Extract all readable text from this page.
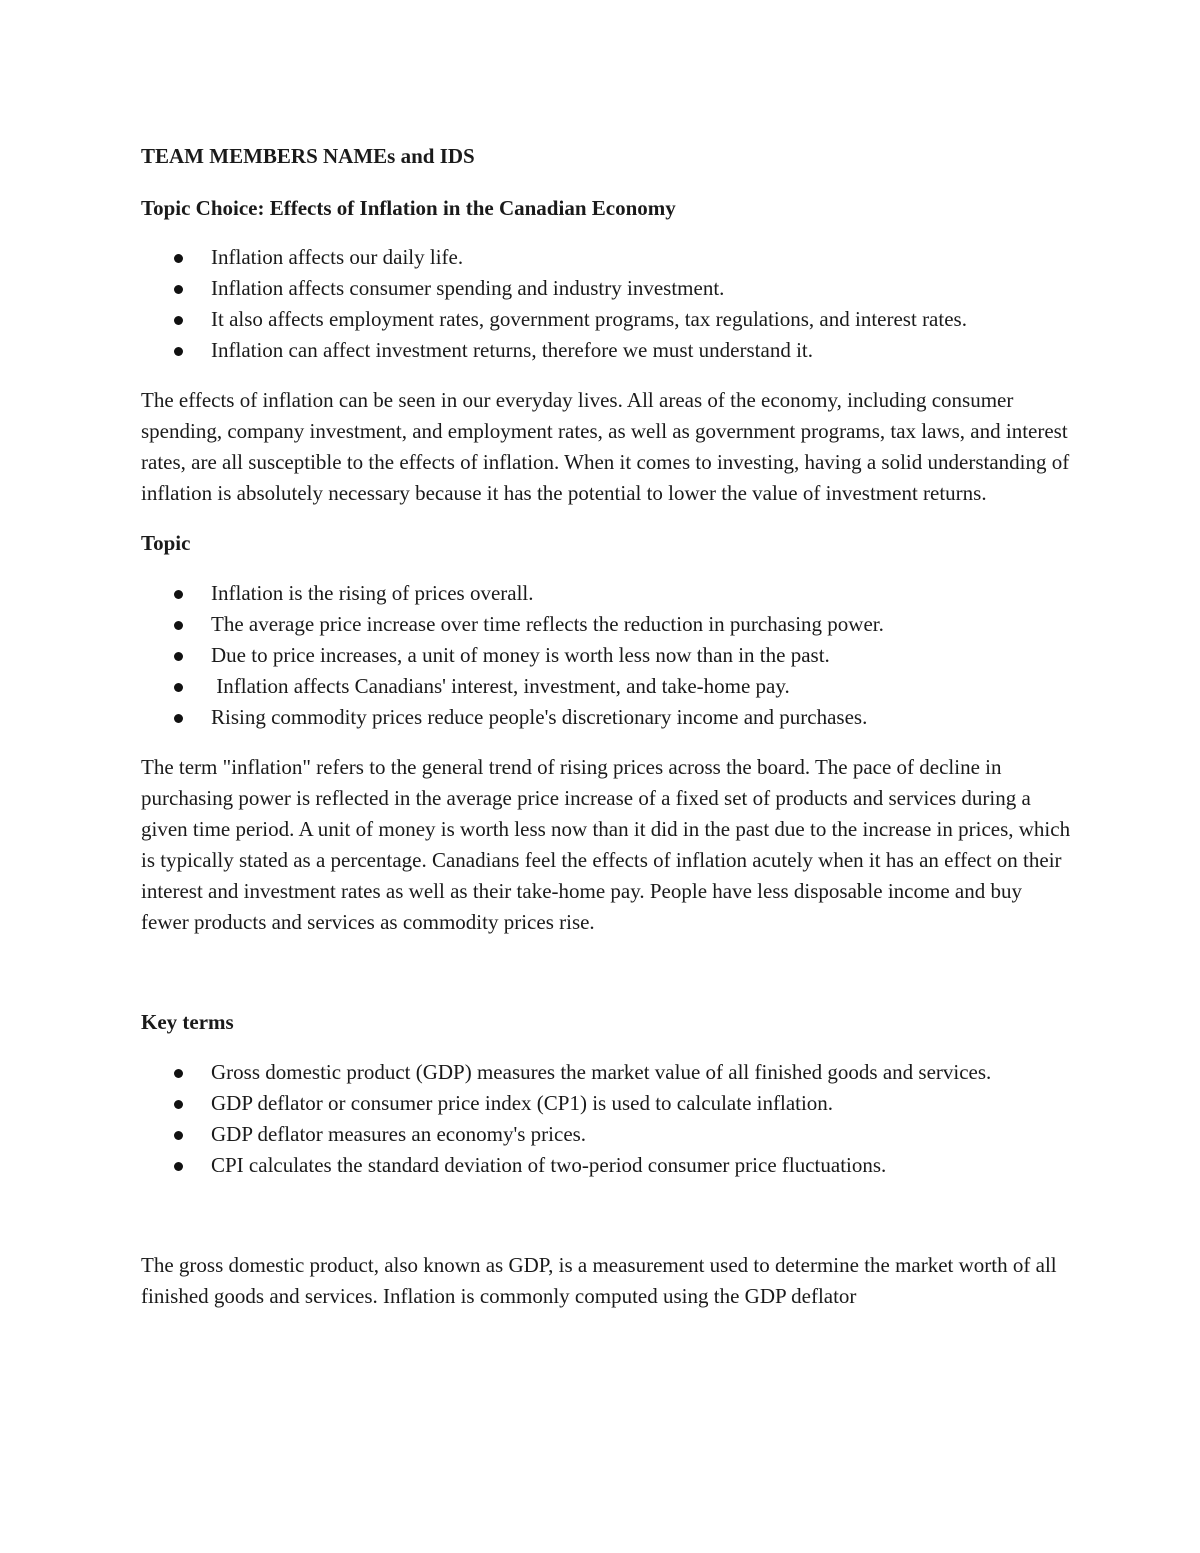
TEAM MEMBERS NAMEs and IDS

Topic Choice: Effects of Inflation in the Canadian Economy

Inflation affects our daily life.
Inflation affects consumer spending and industry investment.
It also affects employment rates, government programs, tax regulations, and interest rates.
Inflation can affect investment returns, therefore we must understand it.

The effects of inflation can be seen in our everyday lives. All areas of the economy, including consumer spending, company investment, and employment rates, as well as government programs, tax laws, and interest rates, are all susceptible to the effects of inflation. When it comes to investing, having a solid understanding of inflation is absolutely necessary because it has the potential to lower the value of investment returns.

Topic

Inflation is the rising of prices overall.
The average price increase over time reflects the reduction in purchasing power.
Due to price increases, a unit of money is worth less now than in the past.
Inflation affects Canadians' interest, investment, and take-home pay.
Rising commodity prices reduce people's discretionary income and purchases.

The term "inflation" refers to the general trend of rising prices across the board. The pace of decline in purchasing power is reflected in the average price increase of a fixed set of products and services during a given time period. A unit of money is worth less now than it did in the past due to the increase in prices, which is typically stated as a percentage. Canadians feel the effects of inflation acutely when it has an effect on their interest and investment rates as well as their take-home pay. People have less disposable income and buy fewer products and services as commodity prices rise.

Key terms

Gross domestic product (GDP) measures the market value of all finished goods and services.
GDP deflator or consumer price index (CP1) is used to calculate inflation.
GDP deflator measures an economy's prices.
CPI calculates the standard deviation of two-period consumer price fluctuations.

The gross domestic product, also known as GDP, is a measurement used to determine the market worth of all finished goods and services. Inflation is commonly computed using the GDP deflator
